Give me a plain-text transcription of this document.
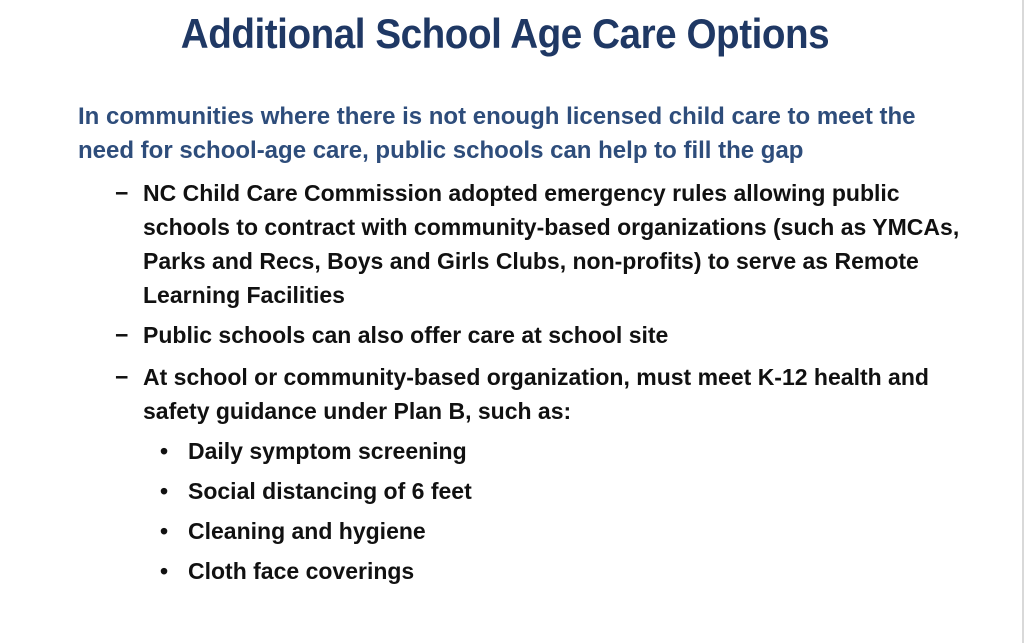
Additional School Age Care Options

In communities where there is not enough licensed child care to meet the need for school-age care, public schools can help to fill the gap

− NC Child Care Commission adopted emergency rules allowing public schools to contract with community-based organizations (such as YMCAs, Parks and Recs, Boys and Girls Clubs, non-profits) to serve as Remote Learning Facilities
− Public schools can also offer care at school site
− At school or community-based organization, must meet K-12 health and safety guidance under Plan B, such as:
• Daily symptom screening
• Social distancing of 6 feet
• Cleaning and hygiene
• Cloth face coverings
